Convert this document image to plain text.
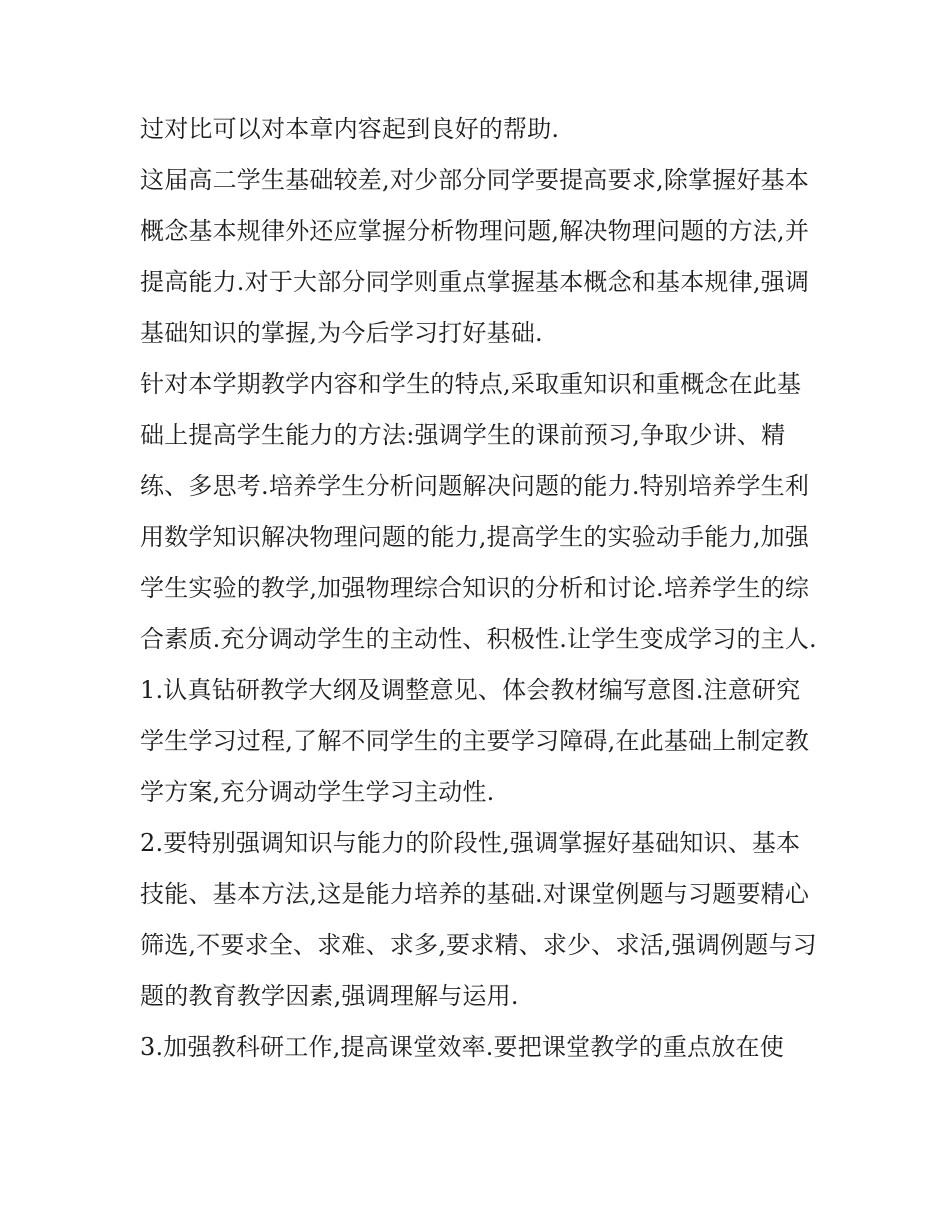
过对比可以对本章内容起到良好的帮助.

这届高二学生基础较差,对少部分同学要提高要求,除掌握好基本概念基本规律外还应掌握分析物理问题,解决物理问题的方法,并提高能力.对于大部分同学则重点掌握基本概念和基本规律,强调基础知识的掌握,为今后学习打好基础.

针对本学期教学内容和学生的特点,采取重知识和重概念在此基础上提高学生能力的方法:强调学生的课前预习,争取少讲、精练、多思考.培养学生分析问题解决问题的能力.特别培养学生利用数学知识解决物理问题的能力,提高学生的实验动手能力,加强学生实验的教学,加强物理综合知识的分析和讨论.培养学生的综合素质.充分调动学生的主动性、积极性.让学生变成学习的主人.

1.认真钻研教学大纲及调整意见、体会教材编写意图.注意研究学生学习过程,了解不同学生的主要学习障碍,在此基础上制定教学方案,充分调动学生学习主动性.

2.要特别强调知识与能力的阶段性,强调掌握好基础知识、基本技能、基本方法,这是能力培养的基础.对课堂例题与习题要精心筛选,不要求全、求难、求多,要求精、求少、求活,强调例题与习题的教育教学因素,强调理解与运用.

3.加强教科研工作,提高课堂效率.要把课堂教学的重点放在使
